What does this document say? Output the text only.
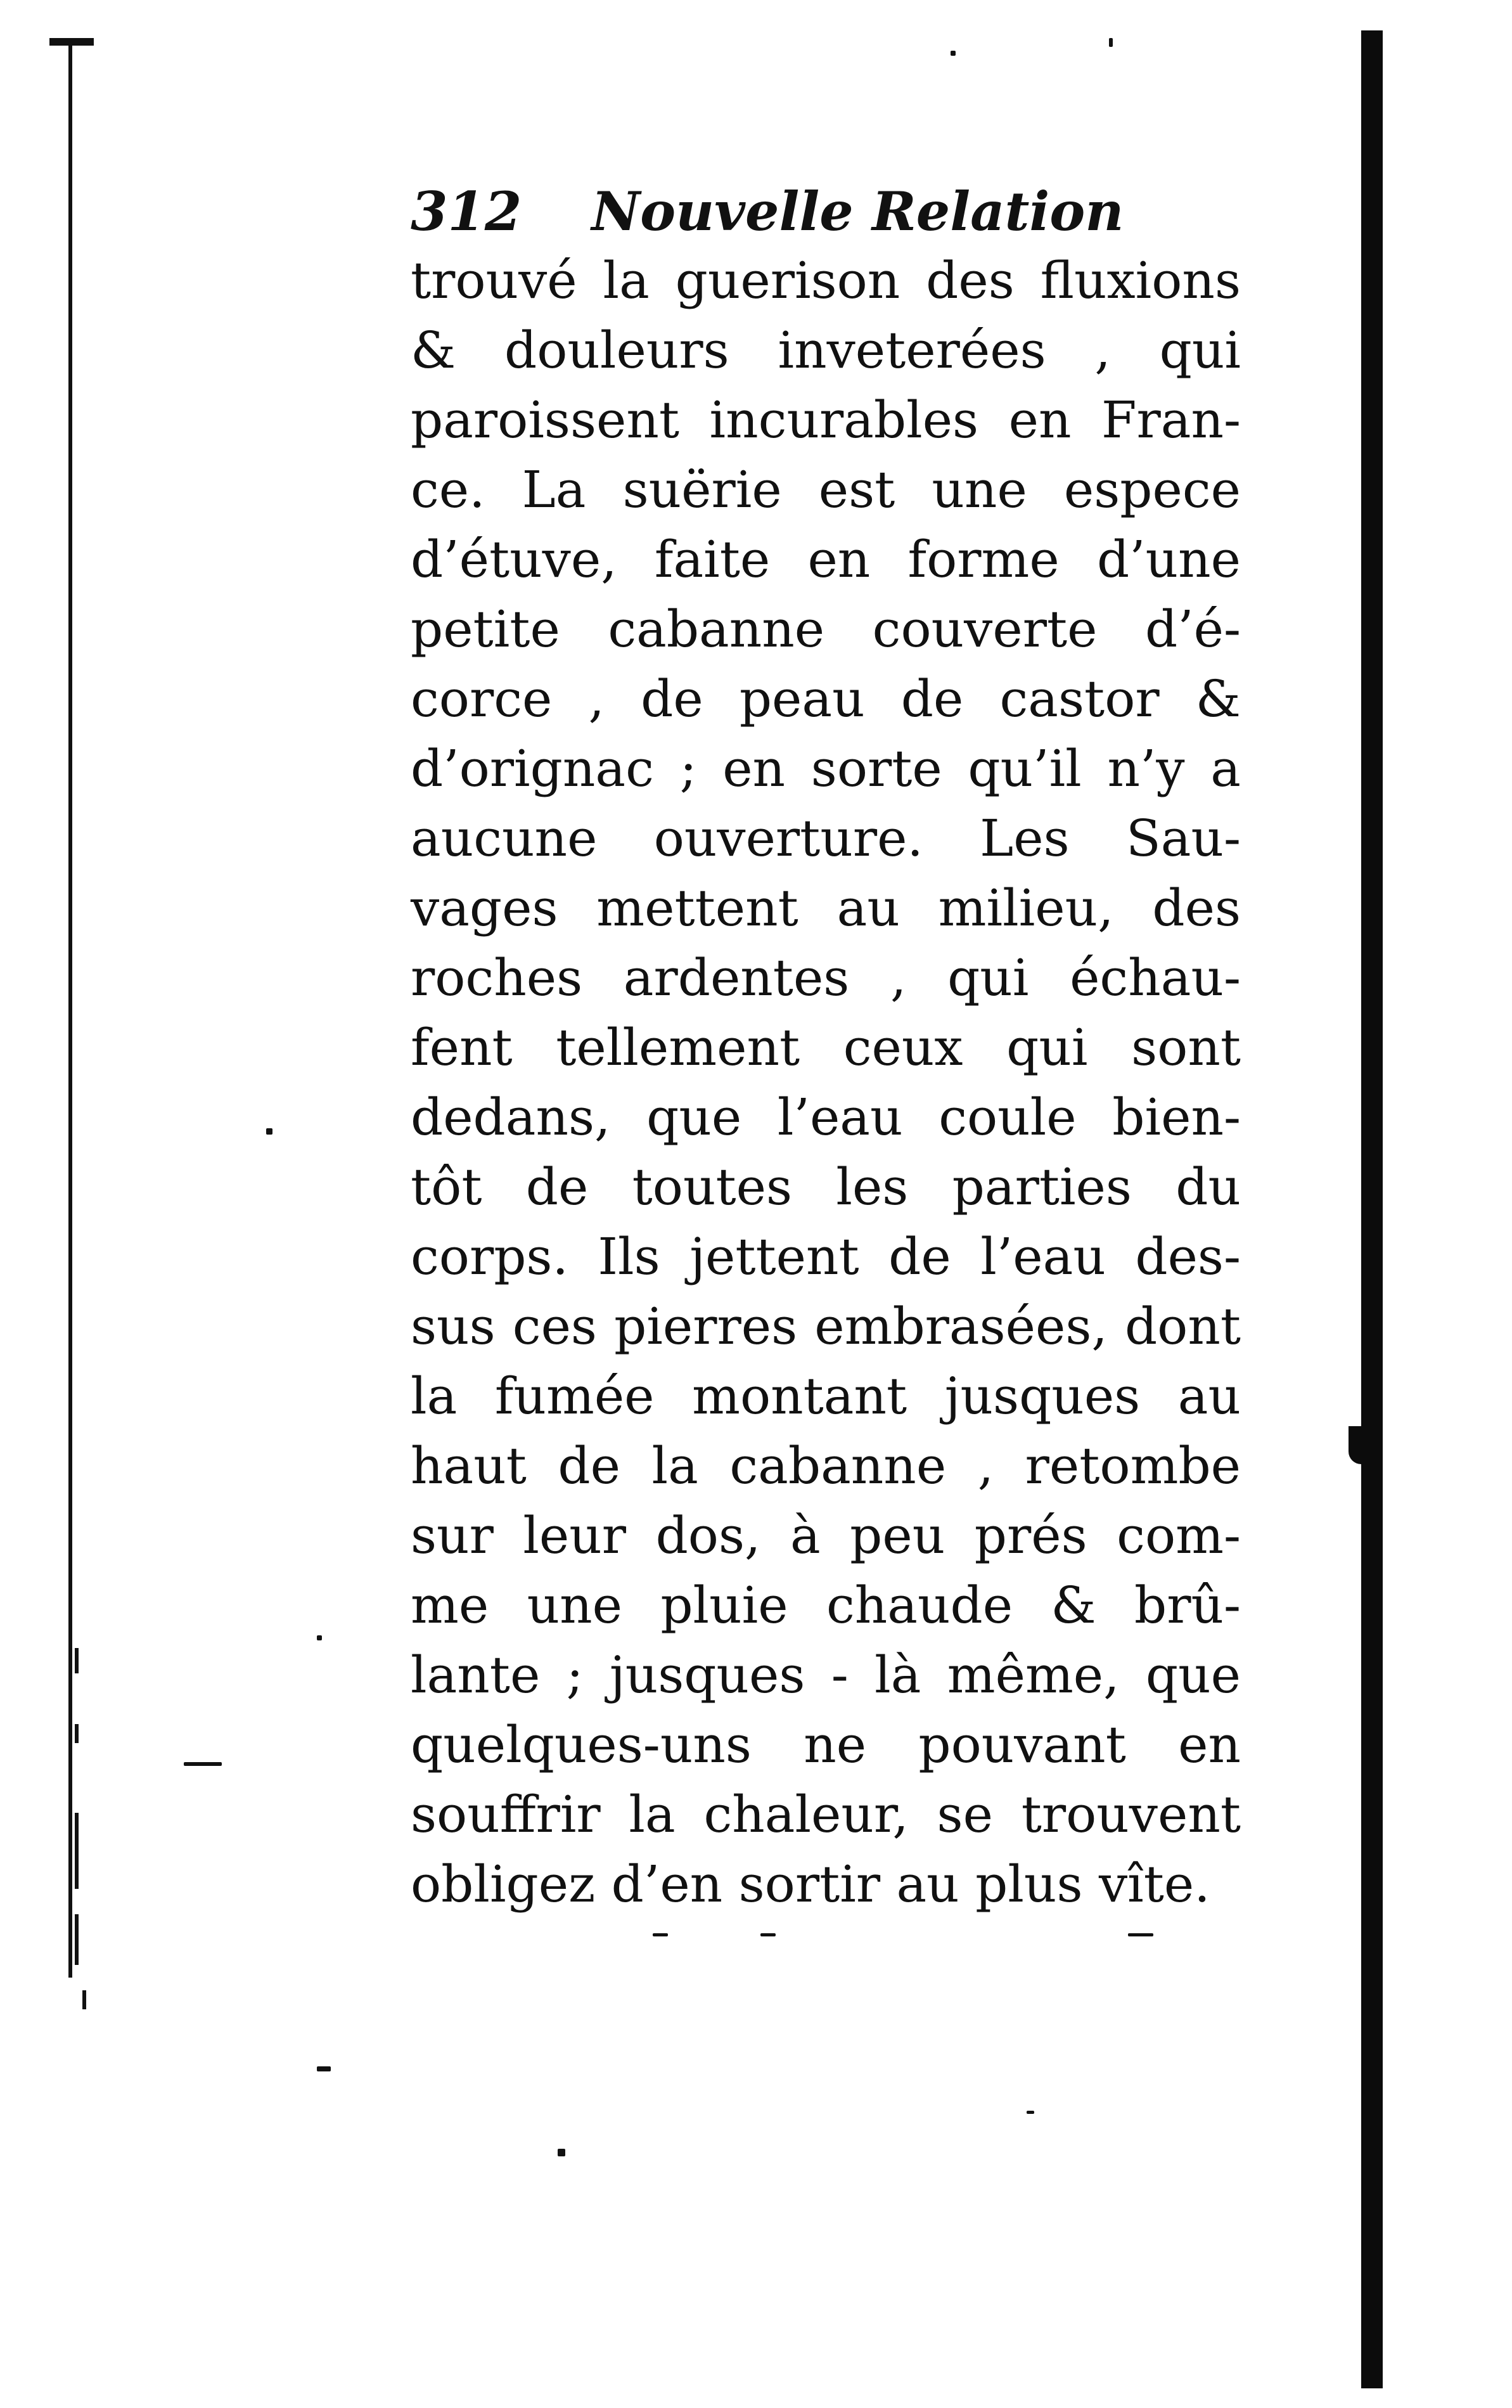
312 Nouvelle Relation
trouvé la guerison des fluxions
& douleurs inveterées , qui
paroissent incurables en Fran-
ce. La suërie est une espece
d’étuve, faite en forme d’une
petite cabanne couverte d’é-
corce , de peau de castor &
d’orignac ; en sorte qu’il n’y a
aucune ouverture. Les Sau-
vages mettent au milieu, des
roches ardentes , qui échau-
fent tellement ceux qui sont
dedans, que l’eau coule bien-
tôt de toutes les parties du
corps. Ils jettent de l’eau des-
sus ces pierres embrasées, dont
la fumée montant jusques au
haut de la cabanne , retombe
sur leur dos, à peu prés com-
me une pluie chaude & brû-
lante ; jusques - là même, que
quelques-uns ne pouvant en
souffrir la chaleur, se trouvent
obligez d’en sortir au plus vîte.
